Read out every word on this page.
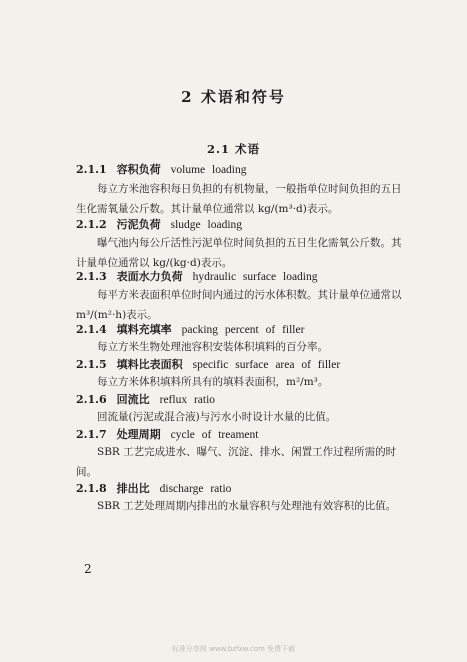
2 术语和符号
2.1 术语
2.1.1 容积负荷 volume loading
每立方米池容积每日负担的有机物量，一般指单位时间负担的五日生化需氧量公斤数。其计量单位通常以 kg/(m³·d)表示。
2.1.2 污泥负荷 sludge loading
曝气池内每公斤活性污泥单位时间负担的五日生化需氧公斤数。其计量单位通常以 kg/(kg·d)表示。
2.1.3 表面水力负荷 hydraulic surface loading
每平方米表面积单位时间内通过的污水体积数。其计量单位通常以 m³/(m²·h)表示。
2.1.4 填料充填率 packing percent of filler
每立方米生物处理池容积安装体积填料的百分率。
2.1.5 填料比表面积 specific surface area of filler
每立方米体积填料所具有的填料表面积，m²/m³。
2.1.6 回流比 reflux ratio
回流量(污泥或混合液)与污水小时设计水量的比值。
2.1.7 处理周期 cycle of treament
SBR 工艺完成进水、曝气、沉淀、排水、闲置工作过程所需的时间。
2.1.8 排出比 discharge ratio
SBR 工艺处理周期内排出的水量容积与处理池有效容积的比值。
2
标准分享网 www.bzfxw.com 免费下载
